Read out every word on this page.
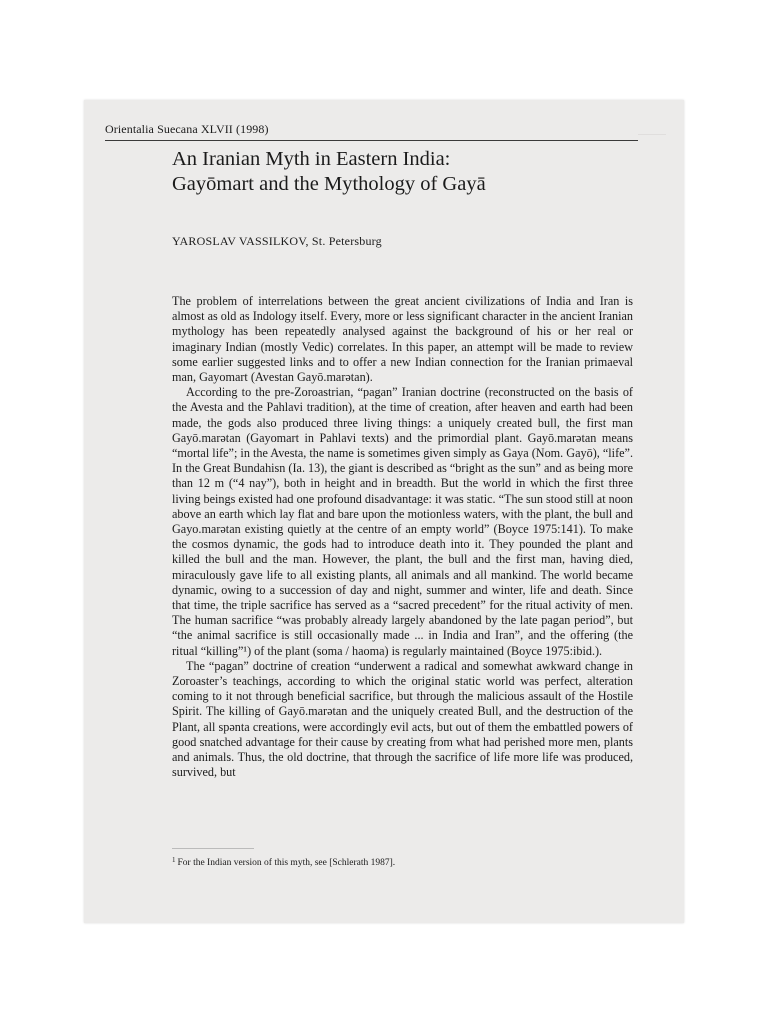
Orientalia Suecana XLVII (1998)
An Iranian Myth in Eastern India:
Gayōmart and the Mythology of Gayā
YAROSLAV VASSILKOV, St. Petersburg

The problem of interrelations between the great ancient civilizations of India and Iran is almost as old as Indology itself. Every, more or less significant character in the ancient Iranian mythology has been repeatedly analysed against the background of his or her real or imaginary Indian (mostly Vedic) correlates. In this paper, an attempt will be made to review some earlier suggested links and to offer a new Indian connection for the Iranian primaeval man, Gayomart (Avestan Gayō.marətan).

According to the pre-Zoroastrian, “pagan” Iranian doctrine (reconstructed on the basis of the Avesta and the Pahlavi tradition), at the time of creation, after heaven and earth had been made, the gods also produced three living things: a uniquely created bull, the first man Gayō.marətan (Gayomart in Pahlavi texts) and the primordial plant. Gayō.marətan means “mortal life”; in the Avesta, the name is sometimes given simply as Gaya (Nom. Gayō), “life”. In the Great Bundahisn (Ia. 13), the giant is described as “bright as the sun” and as being more than 12 m (“4 nay”), both in height and in breadth. But the world in which the first three living beings existed had one profound disadvantage: it was static. “The sun stood still at noon above an earth which lay flat and bare upon the motionless waters, with the plant, the bull and Gayo.marətan existing quietly at the centre of an empty world” (Boyce 1975:141). To make the cosmos dynamic, the gods had to introduce death into it. They pounded the plant and killed the bull and the man. However, the plant, the bull and the first man, having died, miraculously gave life to all existing plants, all animals and all mankind. The world became dynamic, owing to a succession of day and night, summer and winter, life and death. Since that time, the triple sacrifice has served as a “sacred precedent” for the ritual activity of men. The human sacrifice “was probably already largely abandoned by the late pagan period”, but “the animal sacrifice is still occasionally made ... in India and Iran”, and the offering (the ritual “killing”¹) of the plant (soma / haoma) is regularly maintained (Boyce 1975:ibid.).

The “pagan” doctrine of creation “underwent a radical and somewhat awkward change in Zoroaster’s teachings, according to which the original static world was perfect, alteration coming to it not through beneficial sacrifice, but through the malicious assault of the Hostile Spirit. The killing of Gayō.marətan and the uniquely created Bull, and the destruction of the Plant, all spənta creations, were accordingly evil acts, but out of them the embattled powers of good snatched advantage for their cause by creating from what had perished more men, plants and animals. Thus, the old doctrine, that through the sacrifice of life more life was produced, survived, but

$^1$ For the Indian version of this myth, see [Schlerath 1987].
